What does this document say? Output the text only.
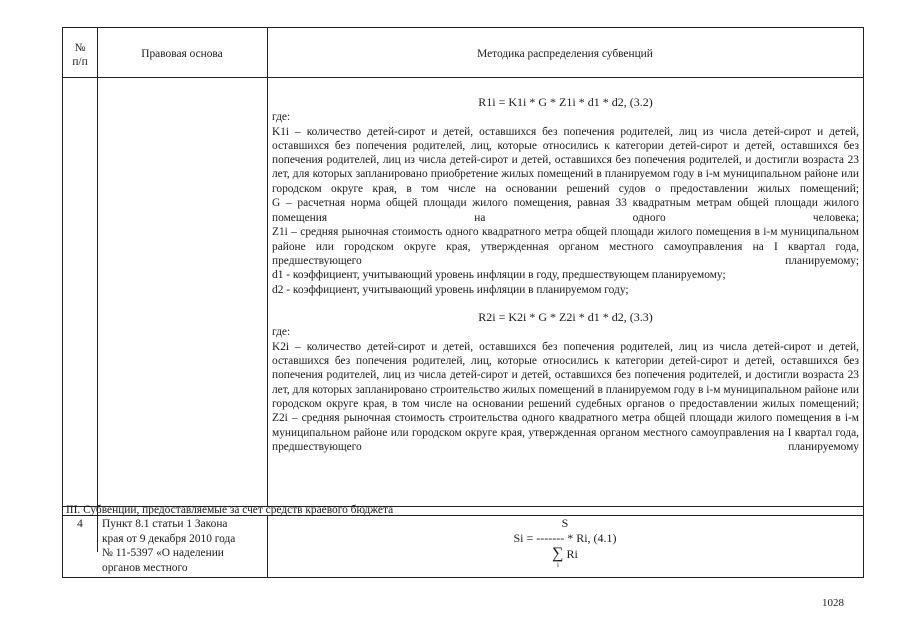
№
п/п
Правовая основа	Методика распределения субвенций
R1i = K1i * G * Z1i * d1 * d2, (3.2)
где:
K1i – количество детей-сирот и детей, оставшихся без попечения родителей, лиц из числа детей-сирот и детей, оставшихся без попечения родителей, лиц, которые относились к категории детей-сирот и детей, оставшихся без попечения родителей, лиц из числа детей-сирот и детей, оставшихся без попечения родителей, и достигли возраста 23 лет, для которых запланировано приобретение жилых помещений в планируемом году в i-м муниципальном районе или городском округе края, в том числе на основании решений судов о предоставлении жилых помещений;
G – расчетная норма общей площади жилого помещения, равная 33 квадратным метрам общей площади жилого помещения на одного человека;
Z1i – средняя рыночная стоимость одного квадратного метра общей площади жилого помещения в i-м муниципальном районе или городском округе края, утвержденная органом местного самоуправления на I квартал года, предшествующего планируемому;
d1 - коэффициент, учитывающий уровень инфляции в году, предшествующем планируемому;
d2 - коэффициент, учитывающий уровень инфляции в планируемом году;
R2i = K2i * G * Z2i * d1 * d2, (3.3)
где:
K2i – количество детей-сирот и детей, оставшихся без попечения родителей, лиц из числа детей-сирот и детей, оставшихся без попечения родителей, лиц, которые относились к категории детей-сирот и детей, оставшихся без попечения родителей, лиц из числа детей-сирот и детей, оставшихся без попечения родителей, и достигли возраста 23 лет, для которых запланировано строительство жилых помещений в планируемом году в i-м муниципальном районе или городском округе края, в том числе на основании решений судебных органов о предоставлении жилых помещений;
Z2i – средняя рыночная стоимость строительства одного квадратного метра общей площади жилого помещения в i-м муниципальном районе или городском округе края, утвержденная органом местного самоуправления на I квартал года, предшествующего планируемому
III. Субвенции, предоставляемые за счет средств краевого бюджета
4	Пункт 8.1 статьи 1 Закона
края от 9 декабря 2010 года
№ 11-5397 «О наделении
органов местного
S
Si = ------- * Ri, (4.1)
∑ Ri
i
1028
